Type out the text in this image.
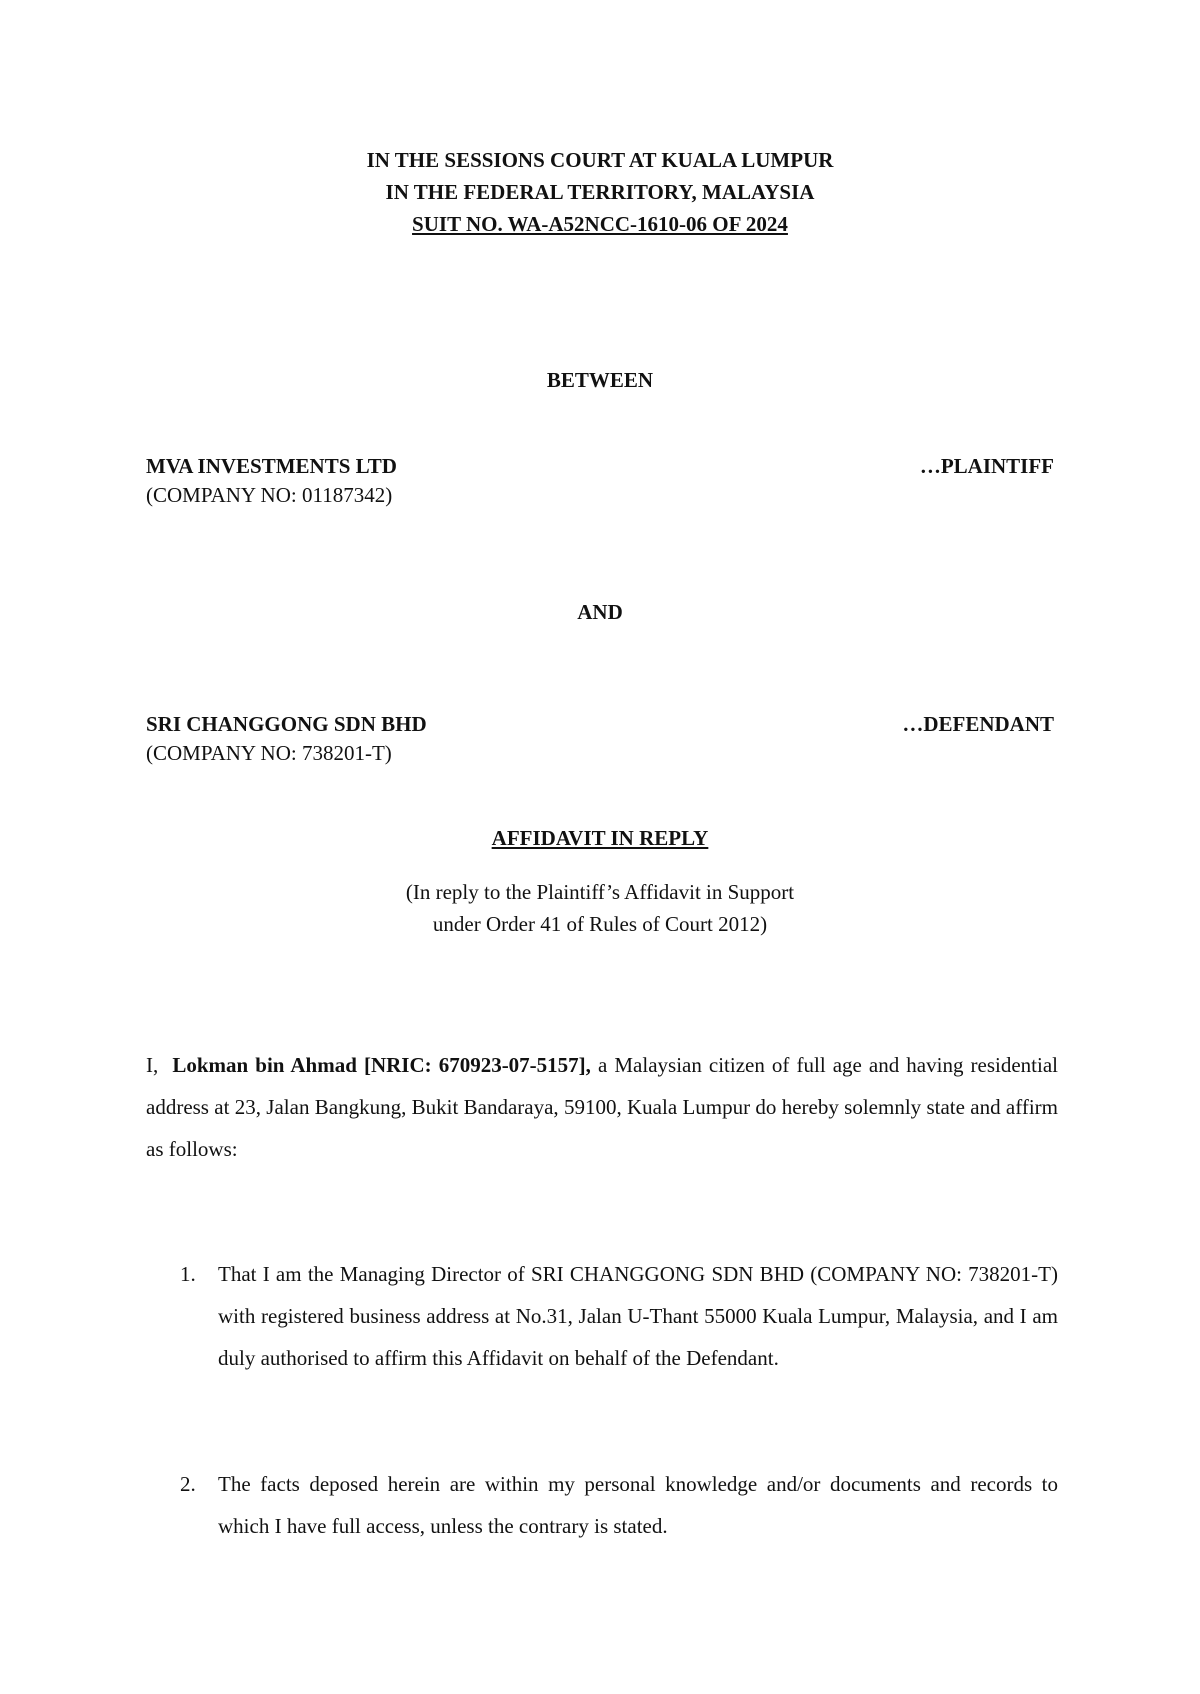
IN THE SESSIONS COURT AT KUALA LUMPUR
IN THE FEDERAL TERRITORY, MALAYSIA
SUIT NO. WA-A52NCC-1610-06 OF 2024
BETWEEN
MVA INVESTMENTS LTD	…PLAINTIFF
(COMPANY NO: 01187342)
AND
SRI CHANGGONG SDN BHD	…DEFENDANT
(COMPANY NO: 738201-T)
AFFIDAVIT IN REPLY
(In reply to the Plaintiff’s Affidavit in Support
under Order 41 of Rules of Court 2012)
I, Lokman bin Ahmad [NRIC: 670923-07-5157], a Malaysian citizen of full age and having residential address at 23, Jalan Bangkung, Bukit Bandaraya, 59100, Kuala Lumpur do hereby solemnly state and affirm as follows:
1.	That I am the Managing Director of SRI CHANGGONG SDN BHD (COMPANY NO: 738201-T) with registered business address at No.31, Jalan U-Thant 55000 Kuala Lumpur, Malaysia, and I am duly authorised to affirm this Affidavit on behalf of the Defendant.
2.	The facts deposed herein are within my personal knowledge and/or documents and records to which I have full access, unless the contrary is stated.
